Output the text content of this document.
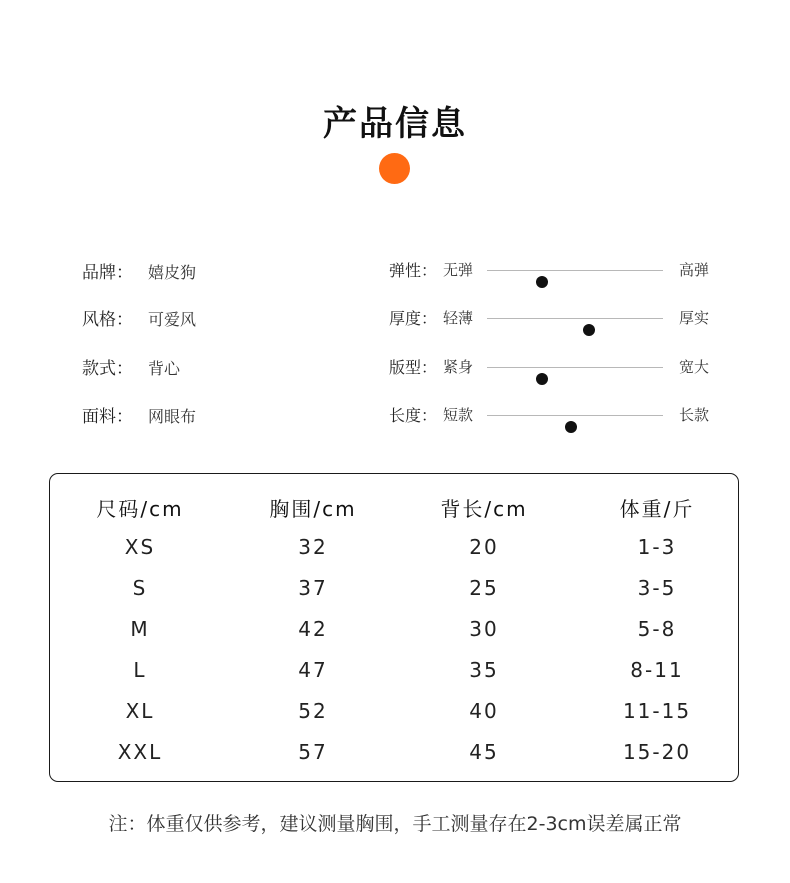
产品信息
品牌： 嬉皮狗
风格： 可爱风
款式： 背心
面料： 网眼布
弹性： 无弹	高弹
厚度： 轻薄	厚实
版型： 紧身	宽大
长度： 短款	长款
尺码/cm	胸围/cm	背长/cm	体重/斤
XS	32	20	1-3
S	37	25	3-5
M	42	30	5-8
L	47	35	8-11
XL	52	40	11-15
XXL	57	45	15-20
注：体重仅供参考，建议测量胸围，手工测量存在2-3cm误差属正常
